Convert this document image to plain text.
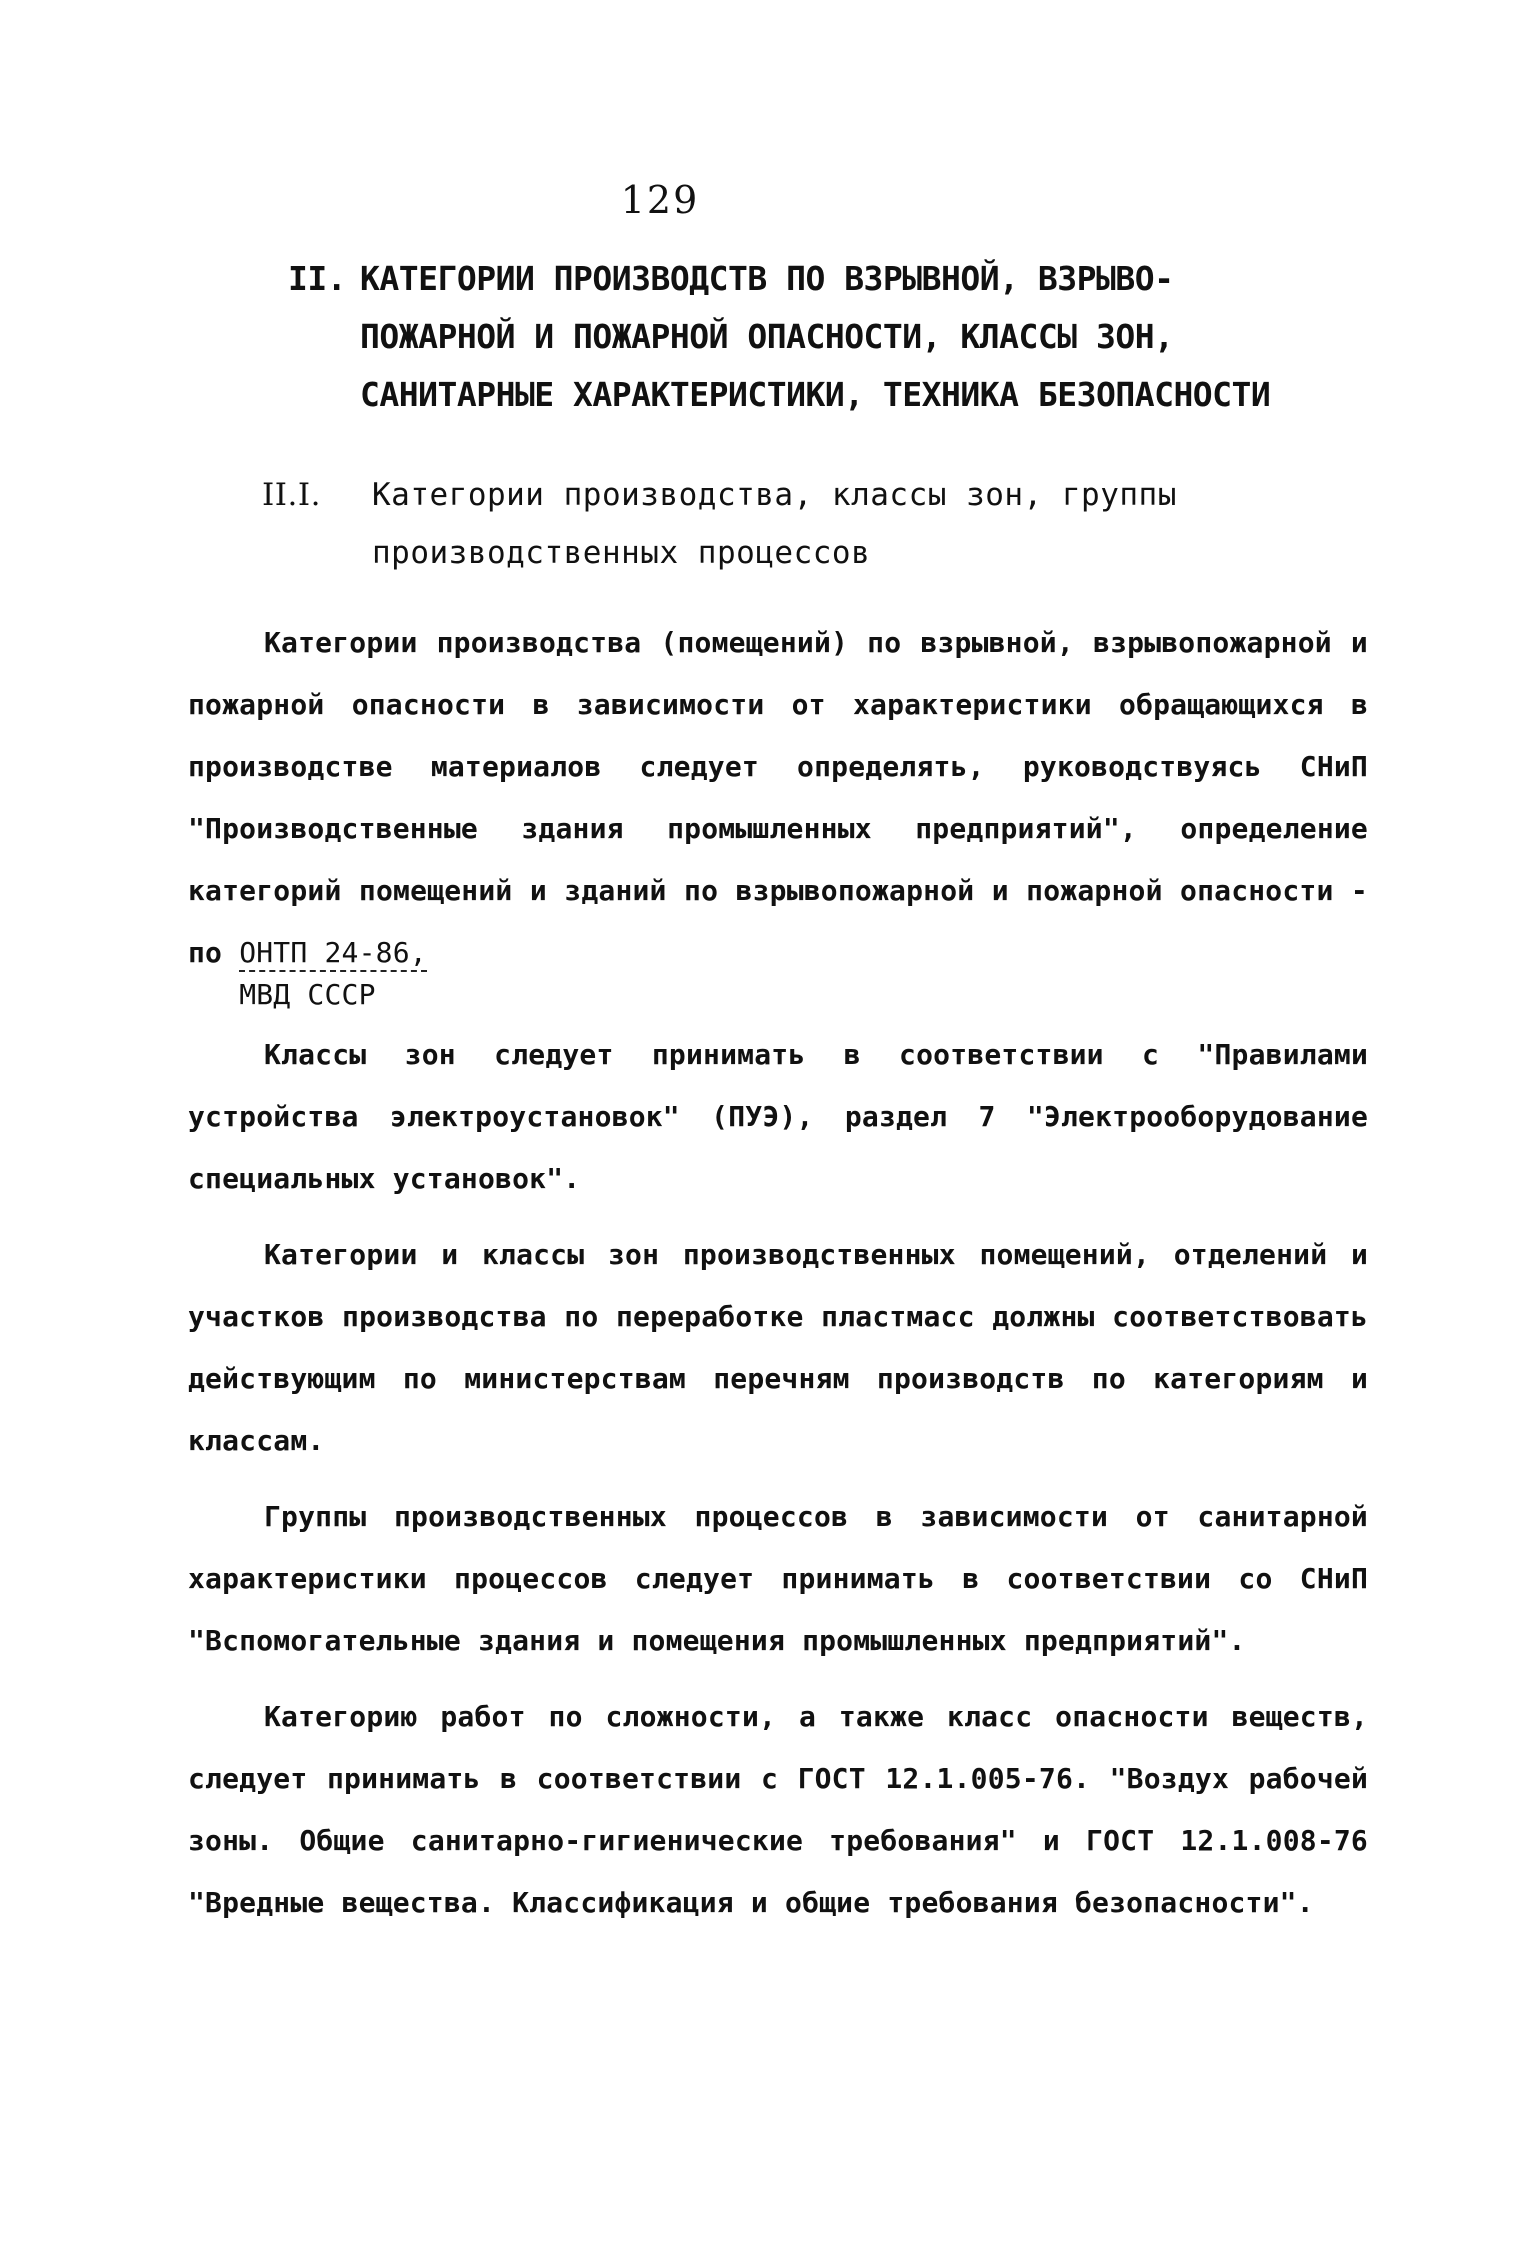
129
II. КАТЕГОРИИ ПРОИЗВОДСТВ ПО ВЗРЫВНОЙ, ВЗРЫВО-
ПОЖАРНОЙ И ПОЖАРНОЙ ОПАСНОСТИ, КЛАССЫ ЗОН,
САНИТАРНЫЕ ХАРАКТЕРИСТИКИ, ТЕХНИКА БЕЗОПАСНОСТИ
II.I. Категории производства, классы зон, группы
производственных процессов

Категории производства (помещений) по взрывной, взрывопожарной и пожарной опасности в зависимости от характеристики обращающихся в производстве материалов следует определять, руководствуясь СНиП "Производственные здания промышленных предприятий", определение категорий помещений и зданий по взрывопожарной и пожарной опасности - по ОНТП 24-86,
МВД СССР

Классы зон следует принимать в соответствии с "Правилами устройства электроустановок" (ПУЭ), раздел 7 "Электрооборудование специальных установок".

Категории и классы зон производственных помещений, отделений и участков производства по переработке пластмасс должны соответствовать действующим по министерствам перечням производств по категориям и классам.

Группы производственных процессов в зависимости от санитарной характеристики процессов следует принимать в соответствии со СНиП "Вспомогательные здания и помещения промышленных предприятий".

Категорию работ по сложности, а также класс опасности веществ, следует принимать в соответствии с ГОСТ 12.1.005-76. "Воздух рабочей зоны. Общие санитарно-гигиенические требования" и ГОСТ 12.1.008-76 "Вредные вещества. Классификация и общие требования безопасности".
